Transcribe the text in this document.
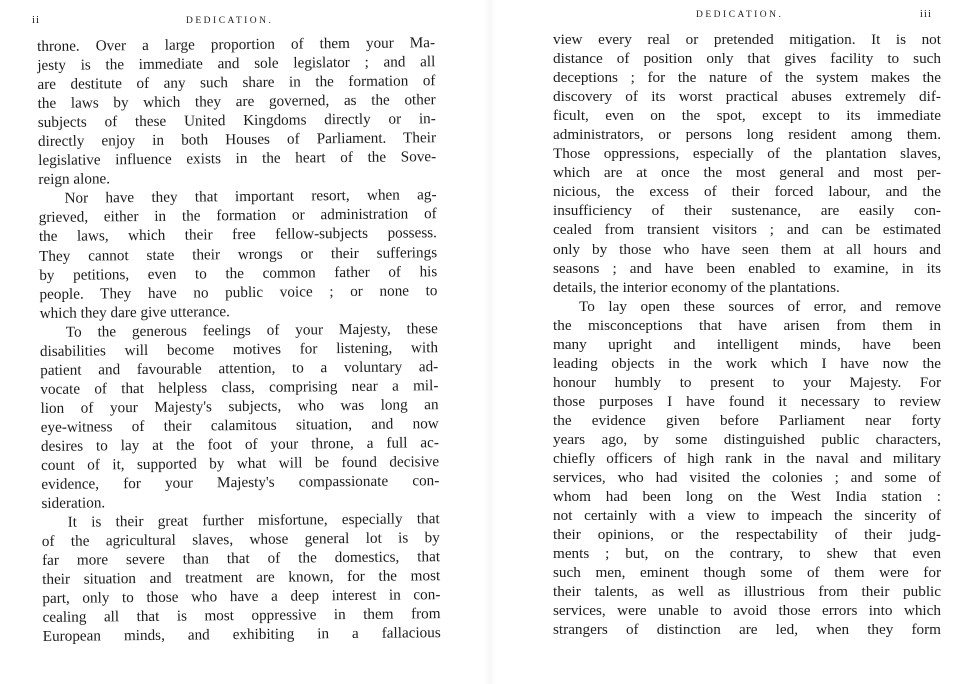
ii	DEDICATION.
throne. Over a large proportion of them your Ma-
jesty is the immediate and sole legislator ; and all
are destitute of any such share in the formation of
the laws by which they are governed, as the other
subjects of these United Kingdoms directly or in-
directly enjoy in both Houses of Parliament. Their
legislative influence exists in the heart of the Sove-
reign alone.
Nor have they that important resort, when ag-
grieved, either in the formation or administration of
the laws, which their free fellow-subjects possess.
They cannot state their wrongs or their sufferings
by petitions, even to the common father of his
people. They have no public voice ; or none to
which they dare give utterance.
To the generous feelings of your Majesty, these
disabilities will become motives for listening, with
patient and favourable attention, to a voluntary ad-
vocate of that helpless class, comprising near a mil-
lion of your Majesty's subjects, who was long an
eye-witness of their calamitous situation, and now
desires to lay at the foot of your throne, a full ac-
count of it, supported by what will be found decisive
evidence, for your Majesty's compassionate con-
sideration.
It is their great further misfortune, especially that
of the agricultural slaves, whose general lot is by
far more severe than that of the domestics, that
their situation and treatment are known, for the most
part, only to those who have a deep interest in con-
cealing all that is most oppressive in them from
European minds, and exhibiting in a fallacious
DEDICATION.	iii
view every real or pretended mitigation. It is not
distance of position only that gives facility to such
deceptions ; for the nature of the system makes the
discovery of its worst practical abuses extremely dif-
ficult, even on the spot, except to its immediate
administrators, or persons long resident among them.
Those oppressions, especially of the plantation slaves,
which are at once the most general and most per-
nicious, the excess of their forced labour, and the
insufficiency of their sustenance, are easily con-
cealed from transient visitors ; and can be estimated
only by those who have seen them at all hours and
seasons ; and have been enabled to examine, in its
details, the interior economy of the plantations.
To lay open these sources of error, and remove
the misconceptions that have arisen from them in
many upright and intelligent minds, have been
leading objects in the work which I have now the
honour humbly to present to your Majesty. For
those purposes I have found it necessary to review
the evidence given before Parliament near forty
years ago, by some distinguished public characters,
chiefly officers of high rank in the naval and military
services, who had visited the colonies ; and some of
whom had been long on the West India station :
not certainly with a view to impeach the sincerity of
their opinions, or the respectability of their judg-
ments ; but, on the contrary, to shew that even
such men, eminent though some of them were for
their talents, as well as illustrious from their public
services, were unable to avoid those errors into which
strangers of distinction are led, when they form
